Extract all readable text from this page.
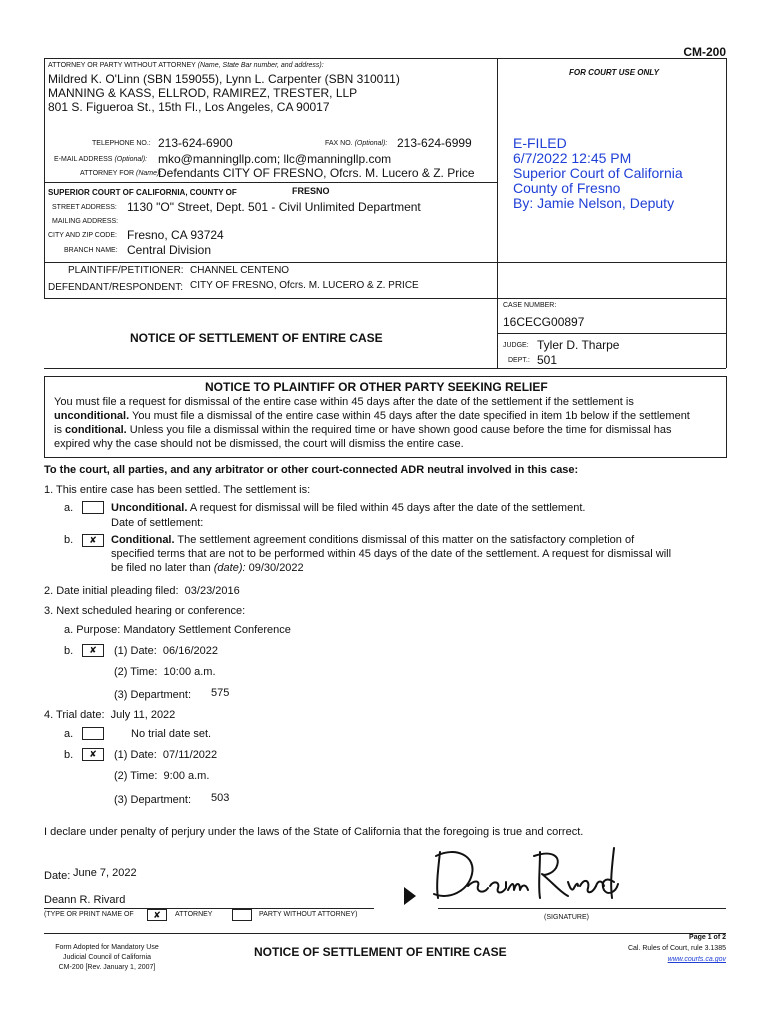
CM-200
ATTORNEY OR PARTY WITHOUT ATTORNEY (Name, State Bar number, and address):
Mildred K. O'Linn (SBN 159055), Lynn L. Carpenter (SBN 310011)
MANNING & KASS, ELLROD, RAMIREZ, TRESTER, LLP
801 S. Figueroa St., 15th Fl., Los Angeles, CA 90017
TELEPHONE NO.: 213-624-6900	FAX NO. (Optional): 213-624-6999
E-MAIL ADDRESS (Optional): mko@manningllp.com; llc@manningllp.com
ATTORNEY FOR (Name):
Defendants CITY OF FRESNO, Ofcrs. M. Lucero & Z. Price
FOR COURT USE ONLY
E-FILED
6/7/2022 12:45 PM
Superior Court of California
County of Fresno
By: Jamie Nelson, Deputy
SUPERIOR COURT OF CALIFORNIA, COUNTY OF	FRESNO
STREET ADDRESS: 1130 "O" Street, Dept. 501 - Civil Unlimited Department
MAILING ADDRESS:
CITY AND ZIP CODE: Fresno, CA 93724
BRANCH NAME: Central Division
PLAINTIFF/PETITIONER: CHANNEL CENTENO
DEFENDANT/RESPONDENT: CITY OF FRESNO, Ofcrs. M. LUCERO & Z. PRICE
NOTICE OF SETTLEMENT OF ENTIRE CASE
CASE NUMBER:
16CECG00897
JUDGE: Tyler D. Tharpe
DEPT.: 501
NOTICE TO PLAINTIFF OR OTHER PARTY SEEKING RELIEF
You must file a request for dismissal of the entire case within 45 days after the date of the settlement if the settlement is
unconditional. You must file a dismissal of the entire case within 45 days after the date specified in item 1b below if the settlement
is conditional. Unless you file a dismissal within the required time or have shown good cause before the time for dismissal has
expired why the case should not be dismissed, the court will dismiss the entire case.
To the court, all parties, and any arbitrator or other court-connected ADR neutral involved in this case:
1. This entire case has been settled. The settlement is:
a.	Unconditional. A request for dismissal will be filed within 45 days after the date of the settlement.
Date of settlement:
b.	✘	Conditional. The settlement agreement conditions dismissal of this matter on the satisfactory completion of
specified terms that are not to be performed within 45 days of the date of the settlement. A request for dismissal will
be filed no later than (date): 09/30/2022
2. Date initial pleading filed: 03/23/2016
3. Next scheduled hearing or conference:
a. Purpose: Mandatory Settlement Conference
b.	✘	(1) Date: 06/16/2022
(2) Time: 10:00 a.m.
(3) Department: 575
4. Trial date: July 11, 2022
a.	No trial date set.
b.	✘	(1) Date: 07/11/2022
(2) Time: 9:00 a.m.
(3) Department: 503
I declare under penalty of perjury under the laws of the State of California that the foregoing is true and correct.
Date: June 7, 2022
Deann R. Rivard
(TYPE OR PRINT NAME OF	✘	ATTORNEY	PARTY WITHOUT ATTORNEY)	(SIGNATURE)
Form Adopted for Mandatory Use
Judicial Council of California
CM-200 [Rev. January 1, 2007]
NOTICE OF SETTLEMENT OF ENTIRE CASE
Page 1 of 2
Cal. Rules of Court, rule 3.1385
www.courts.ca.gov
